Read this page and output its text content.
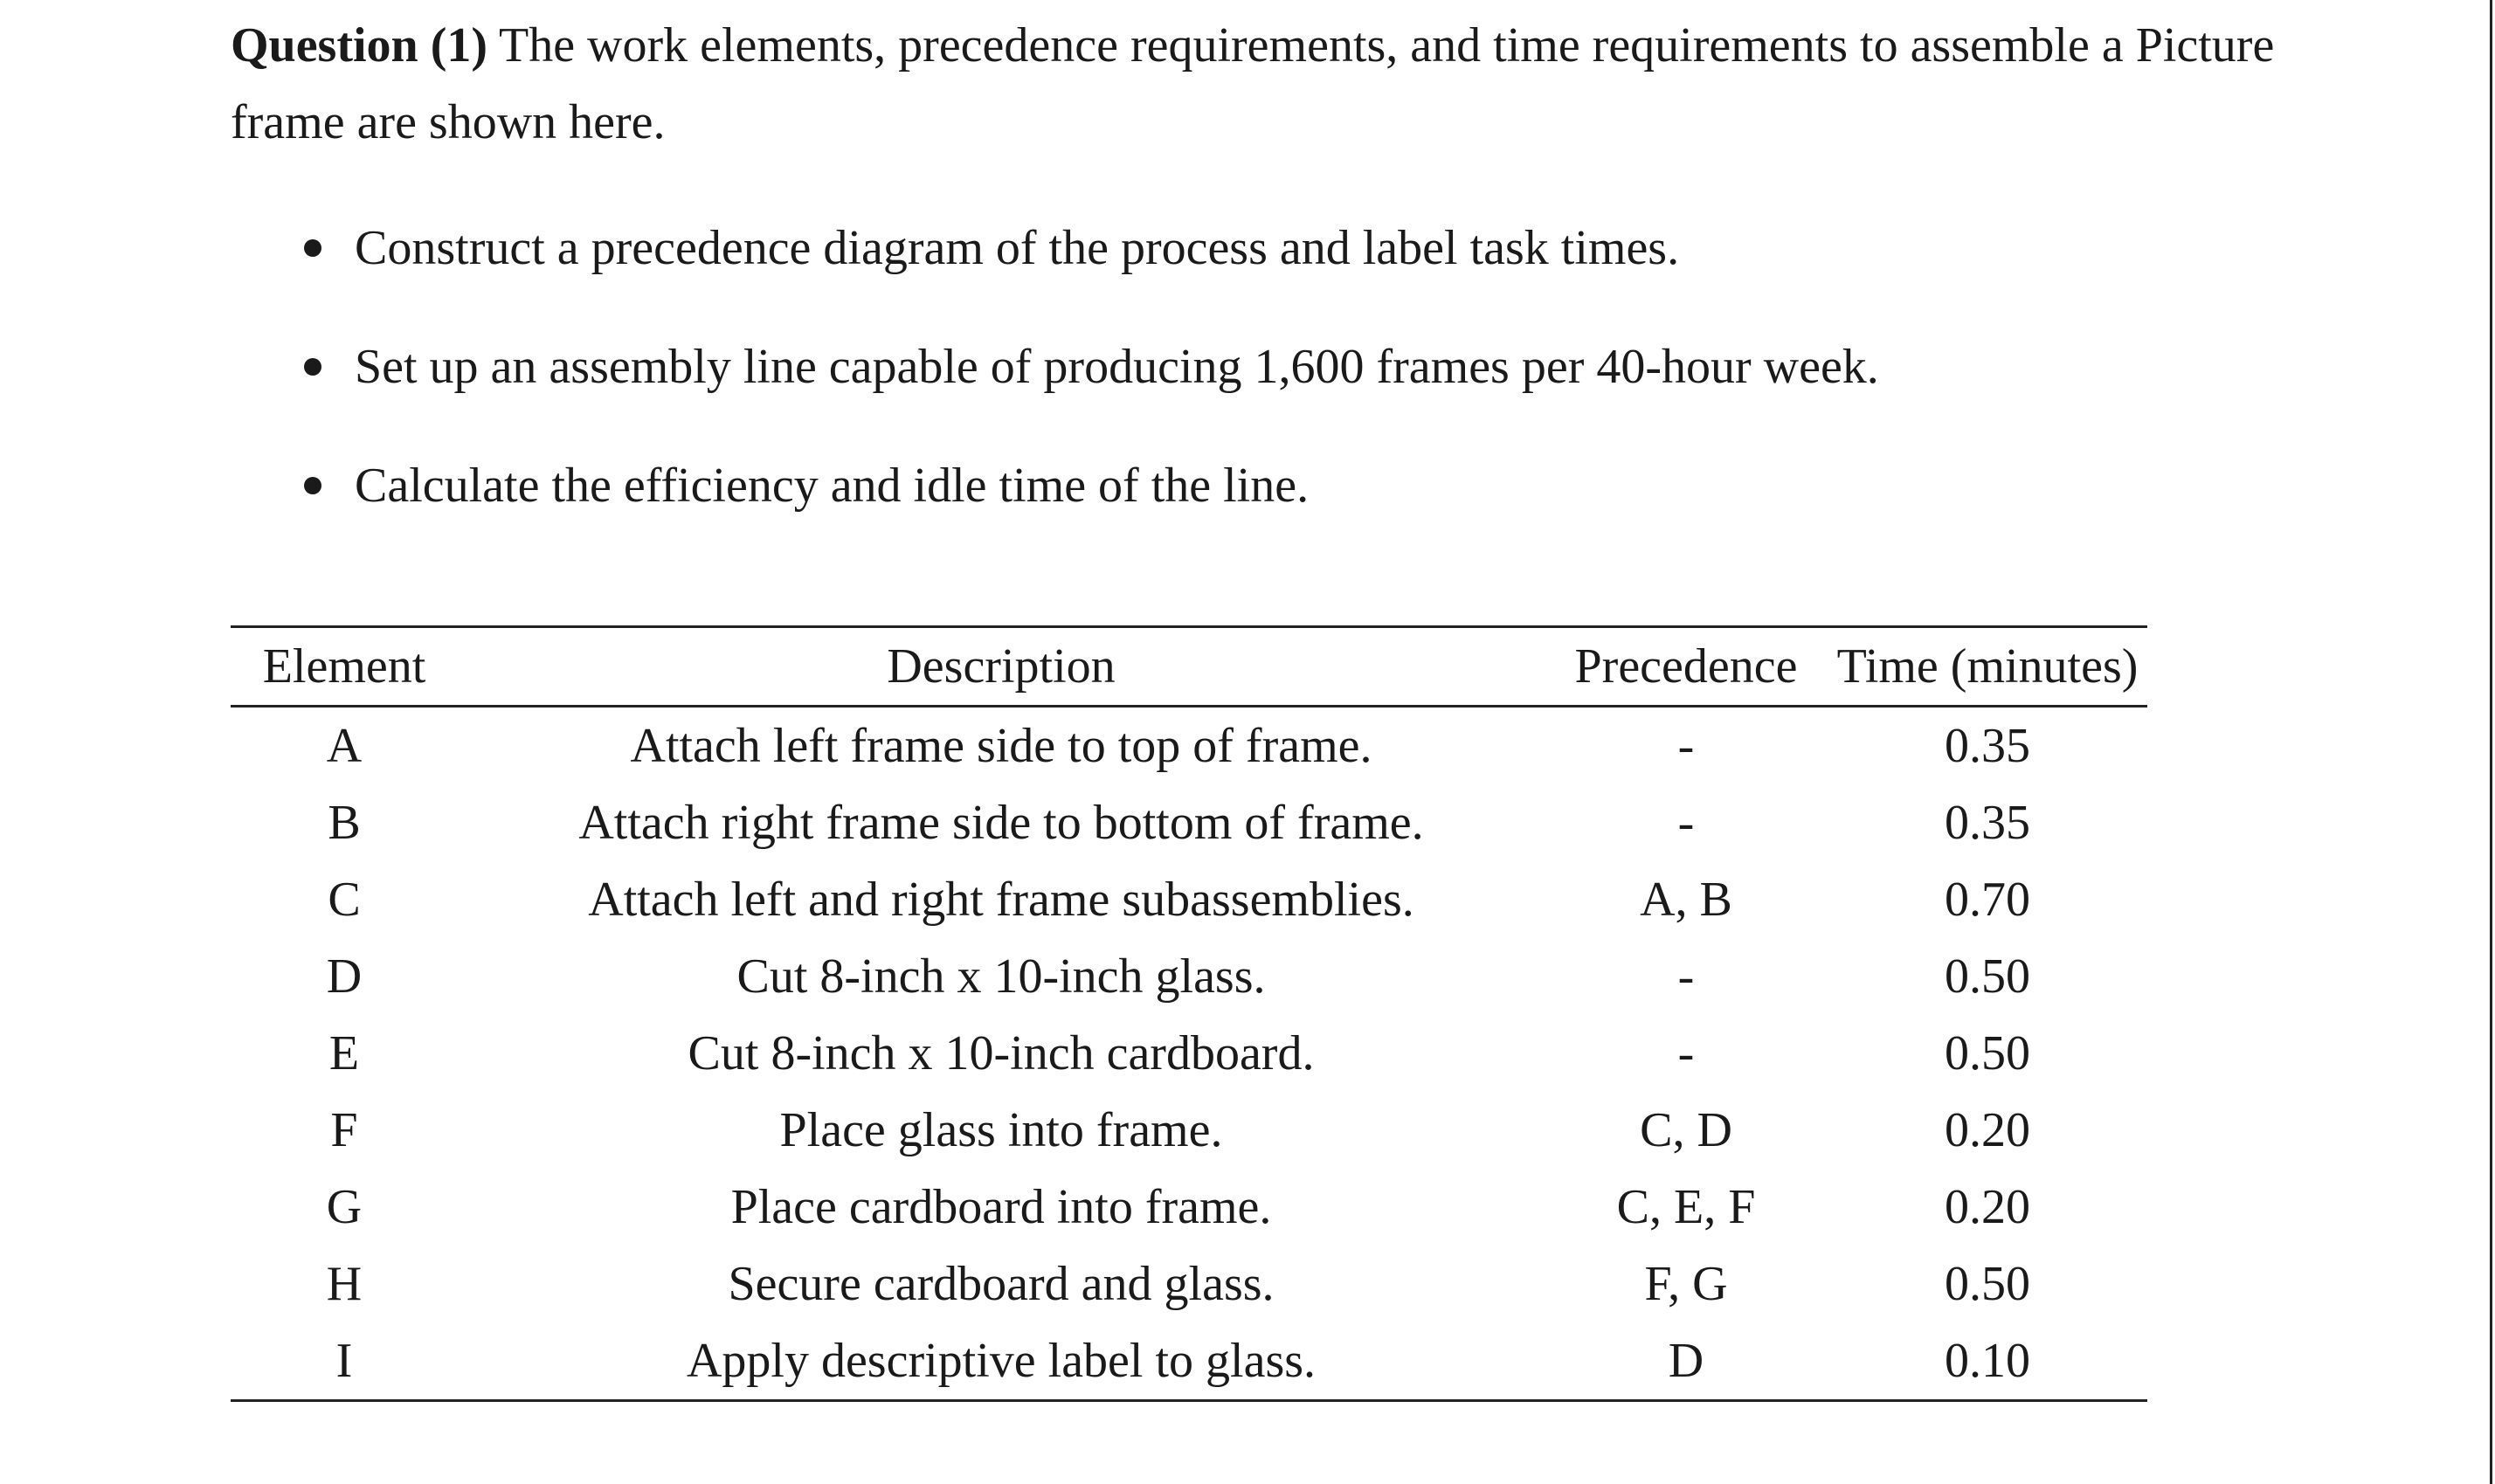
Question (1) The work elements, precedence requirements, and time requirements to assemble a Picture frame are shown here.
Construct a precedence diagram of the process and label task times.
Set up an assembly line capable of producing 1,600 frames per 40-hour week.
Calculate the efficiency and idle time of the line.
Element	Description	Precedence	Time (minutes)
A	Attach left frame side to top of frame.	-	0.35
B	Attach right frame side to bottom of frame.	-	0.35
C	Attach left and right frame subassemblies.	A, B	0.70
D	Cut 8-inch x 10-inch glass.	-	0.50
E	Cut 8-inch x 10-inch cardboard.	-	0.50
F	Place glass into frame.	C, D	0.20
G	Place cardboard into frame.	C, E, F	0.20
H	Secure cardboard and glass.	F, G	0.50
I	Apply descriptive label to glass.	D	0.10
